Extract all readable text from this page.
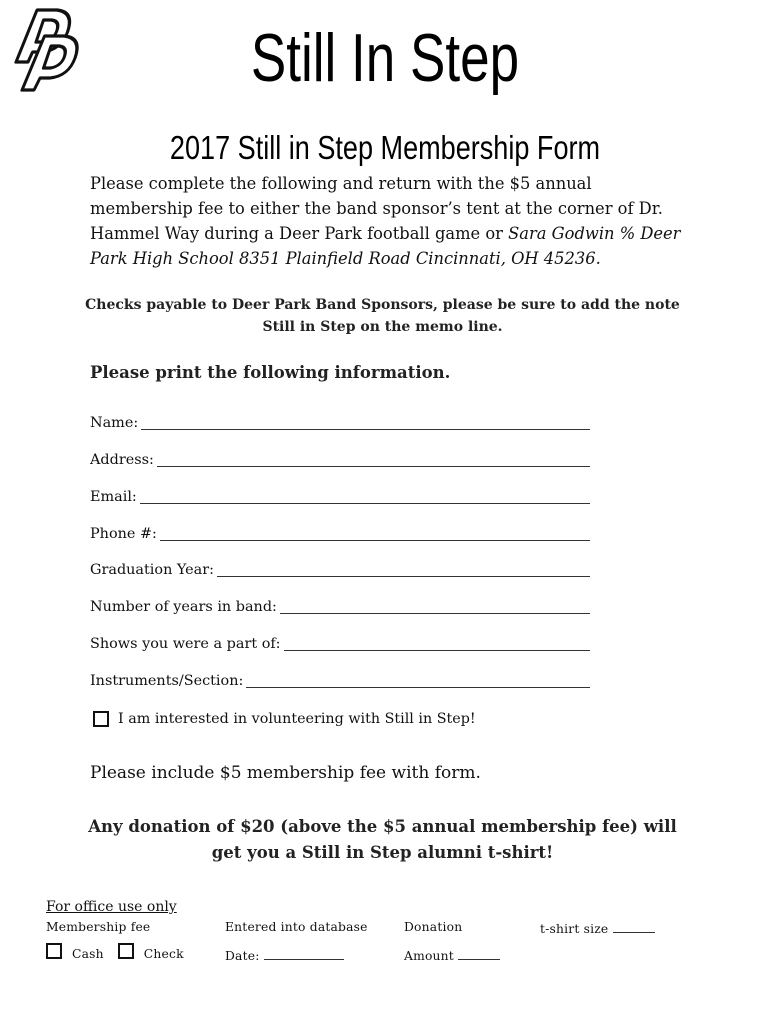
Still In Step
2017 Still in Step Membership Form
Please complete the following and return with the $5 annual membership fee to either the band sponsor’s tent at the corner of Dr. Hammel Way during a Deer Park football game or Sara Godwin % Deer Park High School 8351 Plainfield Road Cincinnati, OH 45236.
Checks payable to Deer Park Band Sponsors, please be sure to add the note Still in Step on the memo line.
Please print the following information.
Name:
Address:
Email:
Phone #:
Graduation Year:
Number of years in band:
Shows you were a part of:
Instruments/Section:
I am interested in volunteering with Still in Step!
Please include $5 membership fee with form.
Any donation of $20 (above the $5 annual membership fee) will get you a Still in Step alumni t-shirt!
For office use only
Membership fee
Cash	Check
Entered into database
Date:
Donation
Amount
t-shirt size
